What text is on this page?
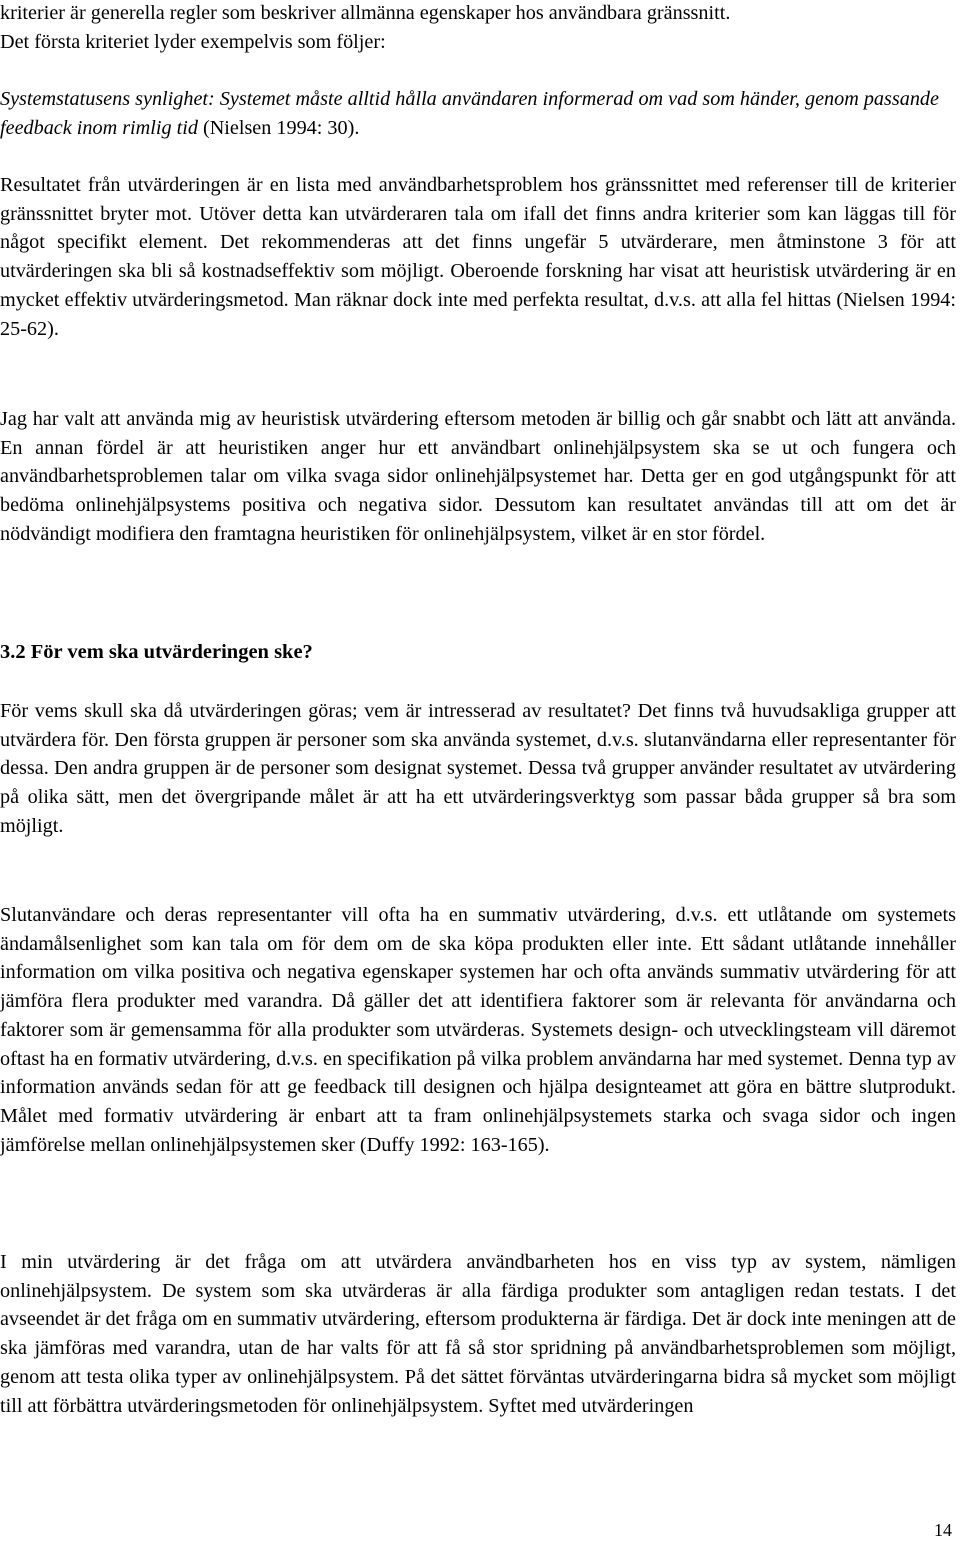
kriterier är generella regler som beskriver allmänna egenskaper hos användbara gränssnitt.
Det första kriteriet lyder exempelvis som följer:

Systemstatusens synlighet: Systemet måste alltid hålla användaren informerad om vad som händer, genom passande feedback inom rimlig tid (Nielsen 1994: 30).

Resultatet från utvärderingen är en lista med användbarhetsproblem hos gränssnittet med referenser till de kriterier gränssnittet bryter mot. Utöver detta kan utvärderaren tala om ifall det finns andra kriterier som kan läggas till för något specifikt element. Det rekommenderas att det finns ungefär 5 utvärderare, men åtminstone 3 för att utvärderingen ska bli så kostnadseffektiv som möjligt. Oberoende forskning har visat att heuristisk utvärdering är en mycket effektiv utvärderingsmetod. Man räknar dock inte med perfekta resultat, d.v.s. att alla fel hittas (Nielsen 1994: 25-62).

Jag har valt att använda mig av heuristisk utvärdering eftersom metoden är billig och går snabbt och lätt att använda. En annan fördel är att heuristiken anger hur ett användbart onlinehjälpsystem ska se ut och fungera och användbarhetsproblemen talar om vilka svaga sidor onlinehjälpsystemet har. Detta ger en god utgångspunkt för att bedöma onlinehjälpsystems positiva och negativa sidor. Dessutom kan resultatet användas till att om det är nödvändigt modifiera den framtagna heuristiken för onlinehjälpsystem, vilket är en stor fördel.

3.2 För vem ska utvärderingen ske?

För vems skull ska då utvärderingen göras; vem är intresserad av resultatet? Det finns två huvudsakliga grupper att utvärdera för. Den första gruppen är personer som ska använda systemet, d.v.s. slutanvändarna eller representanter för dessa. Den andra gruppen är de personer som designat systemet. Dessa två grupper använder resultatet av utvärdering på olika sätt, men det övergripande målet är att ha ett utvärderingsverktyg som passar båda grupper så bra som möjligt.

Slutanvändare och deras representanter vill ofta ha en summativ utvärdering, d.v.s. ett utlåtande om systemets ändamålsenlighet som kan tala om för dem om de ska köpa produkten eller inte. Ett sådant utlåtande innehåller information om vilka positiva och negativa egenskaper systemen har och ofta används summativ utvärdering för att jämföra flera produkter med varandra. Då gäller det att identifiera faktorer som är relevanta för användarna och faktorer som är gemensamma för alla produkter som utvärderas. Systemets design- och utvecklingsteam vill däremot oftast ha en formativ utvärdering, d.v.s. en specifikation på vilka problem användarna har med systemet. Denna typ av information används sedan för att ge feedback till designen och hjälpa designteamet att göra en bättre slutprodukt. Målet med formativ utvärdering är enbart att ta fram onlinehjälpsystemets starka och svaga sidor och ingen jämförelse mellan onlinehjälpsystemen sker (Duffy 1992: 163-165).

I min utvärdering är det fråga om att utvärdera användbarheten hos en viss typ av system, nämligen onlinehjälpsystem. De system som ska utvärderas är alla färdiga produkter som antagligen redan testats. I det avseendet är det fråga om en summativ utvärdering, eftersom produkterna är färdiga. Det är dock inte meningen att de ska jämföras med varandra, utan de har valts för att få så stor spridning på användbarhetsproblemen som möjligt, genom att testa olika typer av onlinehjälpsystem. På det sättet förväntas utvärderingarna bidra så mycket som möjligt till att förbättra utvärderingsmetoden för onlinehjälpsystem. Syftet med utvärderingen

14
